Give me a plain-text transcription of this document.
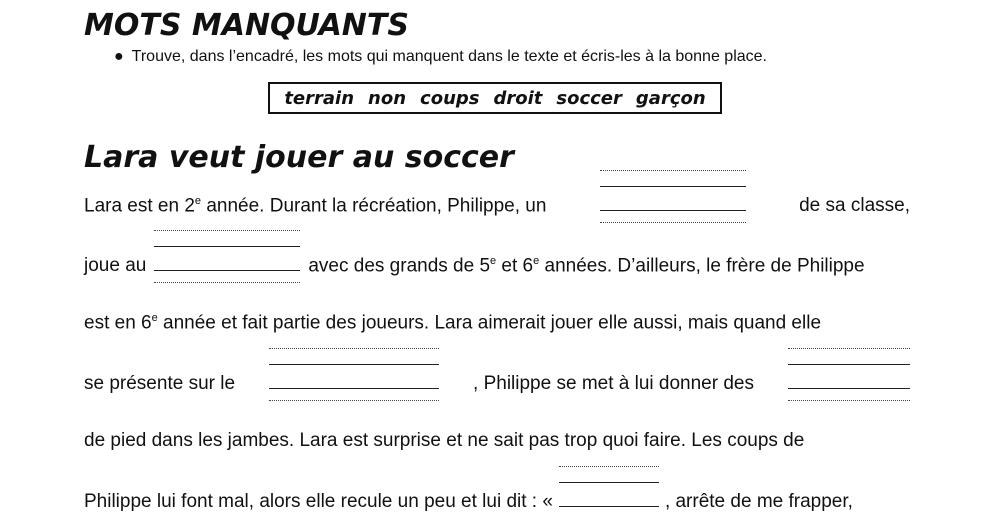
MOTS MANQUANTS
● Trouve, dans l’encadré, les mots qui manquent dans le texte et écris-les à la bonne place.
terrain non coups droit soccer garçon
Lara veut jouer au soccer
Lara est en 2e année. Durant la récréation, Philippe, un	de sa classe,
joue au	avec des grands de 5e et 6e années. D’ailleurs, le frère de Philippe
est en 6e année et fait partie des joueurs. Lara aimerait jouer elle aussi, mais quand elle
se présente sur le	, Philippe se met à lui donner des
de pied dans les jambes. Lara est surprise et ne sait pas trop quoi faire. Les coups de
Philippe lui font mal, alors elle recule un peu et lui dit : «	, arrête de me frapper,
